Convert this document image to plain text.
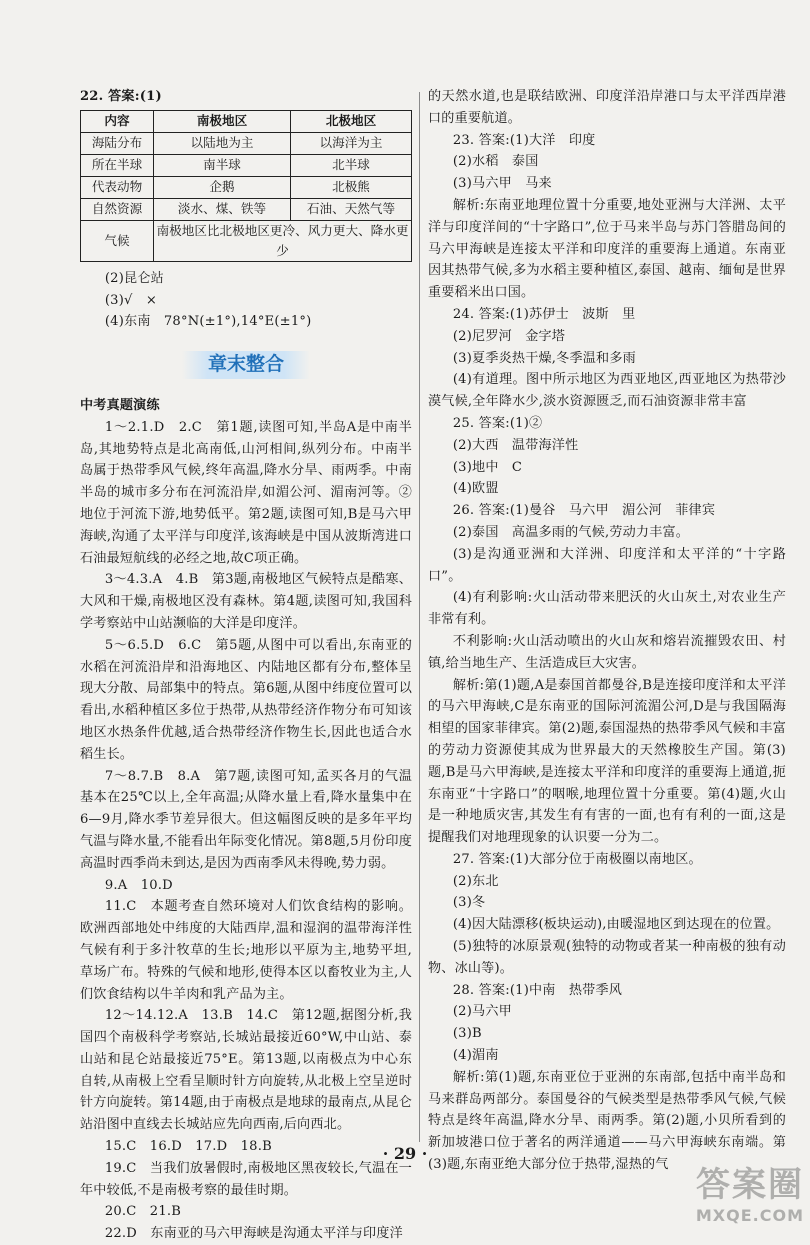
22. 答案:(1)

内容	南极地区	北极地区
海陆分布	以陆地为主	以海洋为主
所在半球	南半球	北半球
代表动物	企鹅	北极熊
自然资源	淡水、煤、铁等	石油、天然气等
气候	南极地区比北极地区更冷、风力更大、降水更少	

(2)昆仑站

(3)√　×

(4)东南　78°N(±1°),14°E(±1°)

章末整合

中考真题演练

1～2.1.D　2.C　第1题,读图可知,半岛A是中南半岛,其地势特点是北高南低,山河相间,纵列分布。中南半岛属于热带季风气候,终年高温,降水分旱、雨两季。中南半岛的城市多分布在河流沿岸,如湄公河、湄南河等。②地位于河流下游,地势低平。第2题,读图可知,B是马六甲海峡,沟通了太平洋与印度洋,该海峡是中国从波斯湾进口石油最短航线的必经之地,故C项正确。

3～4.3.A　4.B　第3题,南极地区气候特点是酷寒、大风和干燥,南极地区没有森林。第4题,读图可知,我国科学考察站中山站濒临的大洋是印度洋。

5～6.5.D　6.C　第5题,从图中可以看出,东南亚的水稻在河流沿岸和沿海地区、内陆地区都有分布,整体呈现大分散、局部集中的特点。第6题,从图中纬度位置可以看出,水稻种植区多位于热带,从热带经济作物分布可知该地区水热条件优越,适合热带经济作物生长,因此也适合水稻生长。

7～8.7.B　8.A　第7题,读图可知,孟买各月的气温基本在25℃以上,全年高温;从降水量上看,降水量集中在6—9月,降水季节差异很大。但这幅图反映的是多年平均气温与降水量,不能看出年际变化情况。第8题,5月份印度高温时西季尚未到达,是因为西南季风未得晚,势力弱。

9.A　10.D

11.C　本题考查自然环境对人们饮食结构的影响。欧洲西部地处中纬度的大陆西岸,温和湿润的温带海洋性气候有利于多汁牧草的生长;地形以平原为主,地势平坦,草场广布。特殊的气候和地形,使得本区以畜牧业为主,人们饮食结构以牛羊肉和乳产品为主。

12～14.12.A　13.B　14.C　第12题,据图分析,我国四个南极科学考察站,长城站最接近60°W,中山站、泰山站和昆仑站最接近75°E。第13题,以南极点为中心东自转,从南极上空看呈顺时针方向旋转,从北极上空呈逆时针方向旋转。第14题,由于南极点是地球的最南点,从昆仑站沿图中直线去长城站应先向西南,后向西北。

15.C　16.D　17.D　18.B

19.C　当我们放暑假时,南极地区黑夜较长,气温在一年中较低,不是南极考察的最佳时期。

20.C　21.B

22.D　东南亚的马六甲海峡是沟通太平洋与印度洋

的天然水道,也是联结欧洲、印度洋沿岸港口与太平洋西岸港口的重要航道。

23. 答案:(1)大洋　印度

(2)水稻　泰国

(3)马六甲　马来

解析:东南亚地理位置十分重要,地处亚洲与大洋洲、太平洋与印度洋间的“十字路口”,位于马来半岛与苏门答腊岛间的马六甲海峡是连接太平洋和印度洋的重要海上通道。东南亚因其热带气候,多为水稻主要种植区,泰国、越南、缅甸是世界重要稻米出口国。

24. 答案:(1)苏伊士　波斯　里

(2)尼罗河　金字塔

(3)夏季炎热干燥,冬季温和多雨

(4)有道理。图中所示地区为西亚地区,西亚地区为热带沙漠气候,全年降水少,淡水资源匮乏,而石油资源非常丰富

25. 答案:(1)②

(2)大西　温带海洋性

(3)地中　C

(4)欧盟

26. 答案:(1)曼谷　马六甲　湄公河　菲律宾

(2)泰国　高温多雨的气候,劳动力丰富。

(3)是沟通亚洲和大洋洲、印度洋和太平洋的“十字路口”。

(4)有利影响:火山活动带来肥沃的火山灰土,对农业生产非常有利。

不利影响:火山活动喷出的火山灰和熔岩流摧毁农田、村镇,给当地生产、生活造成巨大灾害。

解析:第(1)题,A是泰国首都曼谷,B是连接印度洋和太平洋的马六甲海峡,C是东南亚的国际河流湄公河,D是与我国隔海相望的国家菲律宾。第(2)题,泰国湿热的热带季风气候和丰富的劳动力资源使其成为世界最大的天然橡胶生产国。第(3)题,B是马六甲海峡,是连接太平洋和印度洋的重要海上通道,扼东南亚“十字路口”的咽喉,地理位置十分重要。第(4)题,火山是一种地质灾害,其发生有有害的一面,也有有利的一面,这是提醒我们对地理现象的认识要一分为二。

27. 答案:(1)大部分位于南极圈以南地区。

(2)东北

(3)冬

(4)因大陆漂移(板块运动),由暖湿地区到达现在的位置。

(5)独特的冰原景观(独特的动物或者某一种南极的独有动物、冰山等)。

28. 答案:(1)中南　热带季风

(2)马六甲

(3)B

(4)湄南

解析:第(1)题,东南亚位于亚洲的东南部,包括中南半岛和马来群岛两部分。泰国曼谷的气候类型是热带季风气候,气候特点是终年高温,降水分旱、雨两季。第(2)题,小贝所看到的新加坡港口位于著名的两洋通道——马六甲海峡东南端。第(3)题,东南亚绝大部分位于热带,湿热的气

· 29 ·
答案圈
MXQE.COM
